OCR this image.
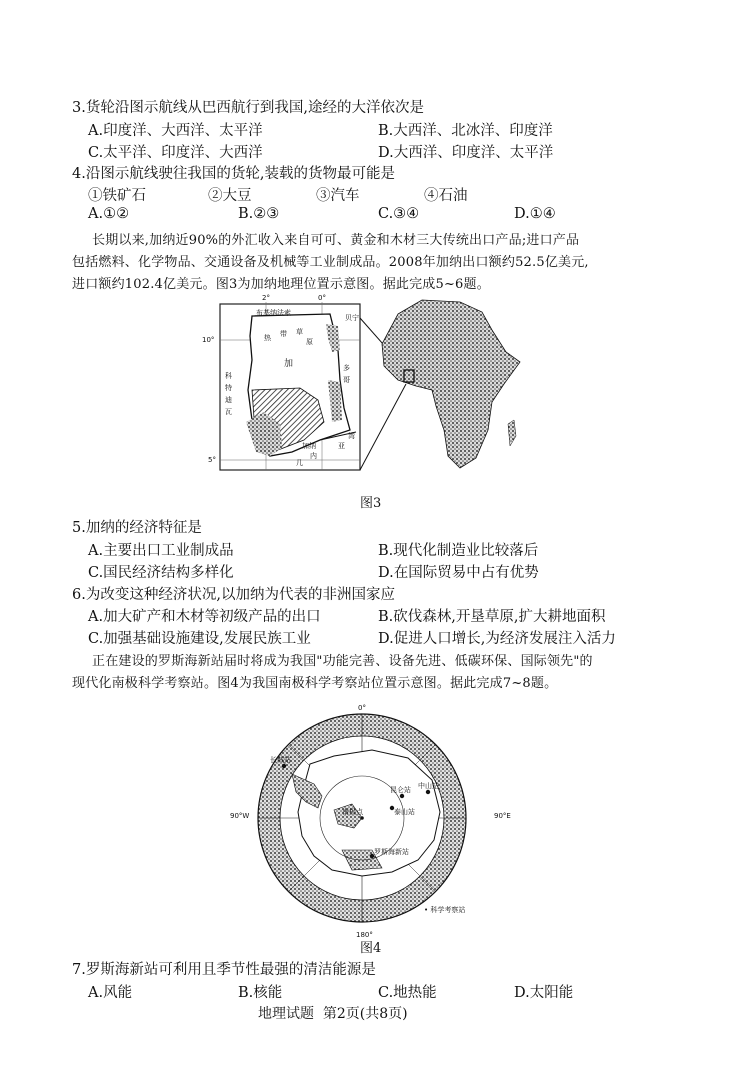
3.货轮沿图示航线从巴西航行到我国,途经的大洋依次是
A.印度洋、大西洋、太平洋	B.大西洋、北冰洋、印度洋
C.太平洋、印度洋、大西洋	D.大西洋、印度洋、太平洋
4.沿图示航线驶往我国的货轮,装载的货物最可能是
①铁矿石	②大豆	③汽车	④石油
A.①②	B.②③	C.③④	D.①④
长期以来,加纳近90%的外汇收入来自可可、黄金和木材三大传统出口产品;进口产品
包括燃料、化学物品、交通设备及机械等工业制成品。2008年加纳出口额约52.5亿美元,
进口额约102.4亿美元。图3为加纳地理位置示意图。据此完成5~6题。
2°	0°
10°
5°
布基纳法索
贝宁
多
哥
科
特
迪
瓦
热 带 草
原
加
几
内
亚
湾
加纳
图3
5.加纳的经济特征是
A.主要出口工业制成品	B.现代化制造业比较落后
C.国民经济结构多样化	D.在国际贸易中占有优势
6.为改变这种经济状况,以加纳为代表的非洲国家应
A.加大矿产和木材等初级产品的出口	B.砍伐森林,开垦草原,扩大耕地面积
C.加强基础设施建设,发展民族工业	D.促进人口增长,为经济发展注入活力
正在建设的罗斯海新站届时将成为我国"功能完善、设备先进、低碳环保、国际领先"的
现代化南极科学考察站。图4为我国南极科学考察站位置示意图。据此完成7~8题。
0°
90°W	90°E
180°
长城站
中山站
昆仑站
泰山站
南极点
罗斯海新站
• 科学考察站
图4
7.罗斯海新站可利用且季节性最强的清洁能源是
A.风能	B.核能	C.地热能	D.太阳能
地理试题  第2页(共8页)
